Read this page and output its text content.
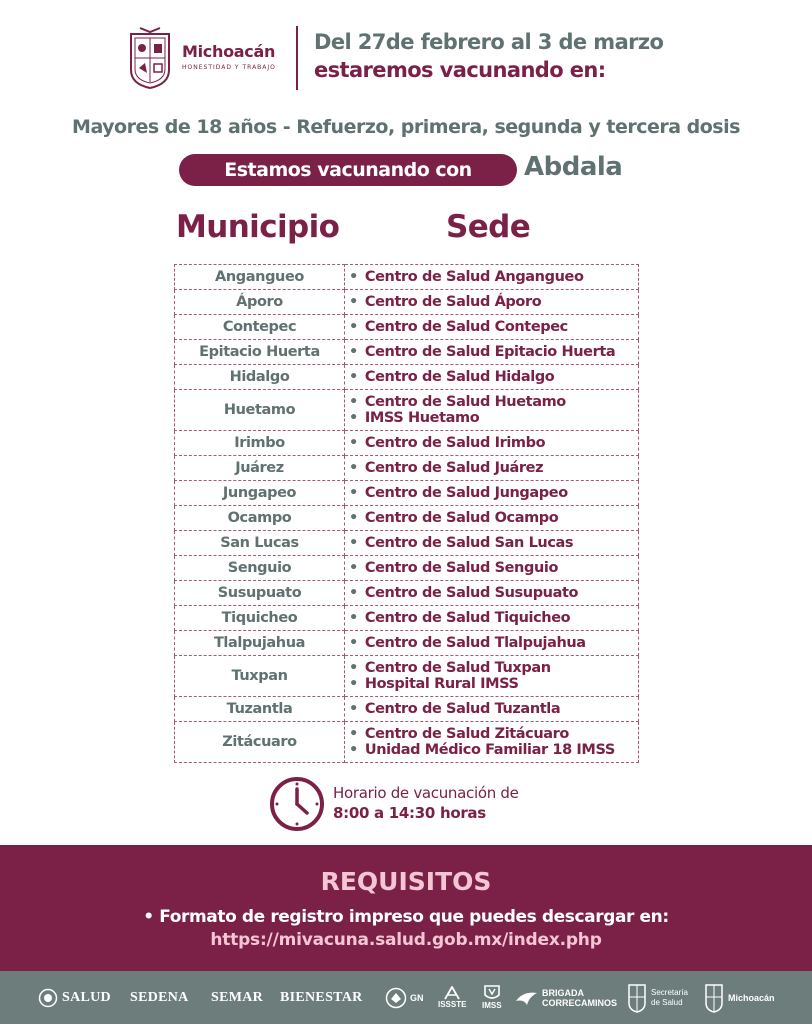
Michoacán
HONESTIDAD Y TRABAJO
Del 27de febrero al 3 de marzo
estaremos vacunando en:
Mayores de 18 años - Refuerzo, primera, segunda y tercera dosis
Estamos vacunando con	Abdala
Municipio	Sede
Angangueo	• Centro de Salud Angangueo

Áporo	• Centro de Salud Áporo

Contepec	• Centro de Salud Contepec

Epitacio Huerta	• Centro de Salud Epitacio Huerta

Hidalgo	• Centro de Salud Hidalgo

Huetamo	• Centro de Salud Huetamo
• IMSS Huetamo

Irimbo	• Centro de Salud Irimbo

Juárez	• Centro de Salud Juárez

Jungapeo	• Centro de Salud Jungapeo

Ocampo	• Centro de Salud Ocampo

San Lucas	• Centro de Salud San Lucas

Senguio	• Centro de Salud Senguio

Susupuato	• Centro de Salud Susupuato

Tiquicheo	• Centro de Salud Tiquicheo

Tlalpujahua	• Centro de Salud Tlalpujahua

Tuxpan	• Centro de Salud Tuxpan
• Hospital Rural IMSS

Tuzantla	• Centro de Salud Tuzantla

Zitácuaro	• Centro de Salud Zitácuaro
• Unidad Médico Familiar 18 IMSS
Horario de vacunación de
8:00 a 14:30 horas
REQUISITOS
• Formato de registro impreso que puedes descargar en:
https://mivacuna.salud.gob.mx/index.php
SALUD SEDENA SEMAR BIENESTAR	GN
ISSSTE IMSS
BRIGADA
CORRECAMINOS
Secretaría
de Salud	Michoacán
